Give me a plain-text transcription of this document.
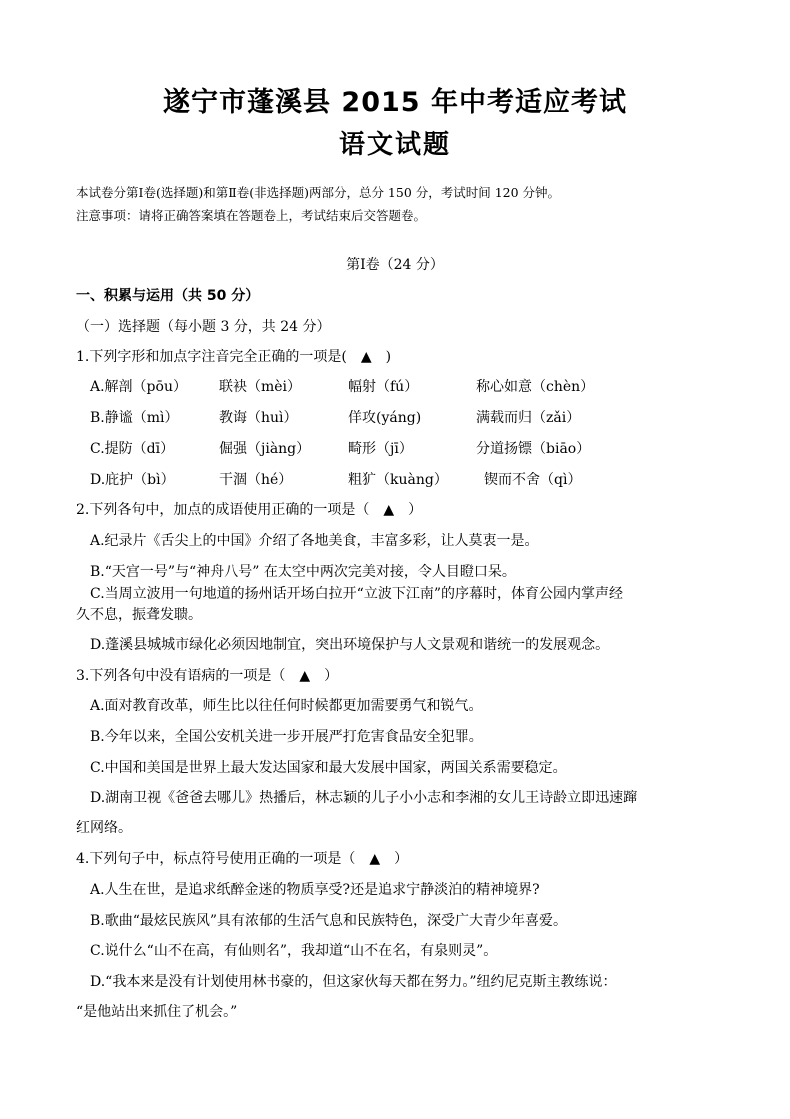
遂宁市蓬溪县 2015 年中考适应考试
语文试题
本试卷分第Ⅰ卷(选择题)和第Ⅱ卷(非选择题)两部分，总分 150 分，考试时间 120 分钟。
注意事项：请将正确答案填在答题卷上，考试结束后交答题卷。
第Ⅰ卷（24 分）
一、积累与运用（共 50 分）
（一）选择题（每小题 3 分，共 24 分）
1.下列字形和加点字注音完全正确的一项是(　▲　)
A.解剖（pōu） 联袂（mèi）	幅射（fú）	称心如意（chèn）
B.静谧（mì）	教诲（huì）	佯攻(yáng)	满载而归（zǎi）
C.提防（dī）	倔强（jiàng）	畸形（jī）	分道扬镖（biāo）
D.庇护（bì）	干涸（hé）	粗犷（kuàng）	锲而不舍（qì）
2.下列各句中，加点的成语使用正确的一项是（　▲　）
A.纪录片《舌尖上的中国》介绍了各地美食，丰富多彩，让人莫衷一是。
B.“天宫一号”与“神舟八号” 在太空中两次完美对接，令人目瞪口呆。
C.当周立波用一句地道的扬州话开场白拉开“立波下江南”的序幕时，体育公园内掌声经
久不息，振聋发聩。
D.蓬溪县城城市绿化必须因地制宜，突出环境保护与人文景观和谐统一的发展观念。
3.下列各句中没有语病的一项是（　▲　）
A.面对教育改革，师生比以往任何时候都更加需要勇气和锐气。
B.今年以来，全国公安机关进一步开展严打危害食品安全犯罪。
C.中国和美国是世界上最大发达国家和最大发展中国家，两国关系需要稳定。
D.湖南卫视《爸爸去哪儿》热播后，林志颖的儿子小小志和李湘的女儿王诗龄立即迅速蹿
红网络。
4.下列句子中，标点符号使用正确的一项是（　▲　）
A.人生在世，是追求纸醉金迷的物质享受?还是追求宁静淡泊的精神境界?
B.歌曲“最炫民族风”具有浓郁的生活气息和民族特色，深受广大青少年喜爱。
C.说什么“山不在高，有仙则名”，我却道“山不在名，有泉则灵”。
D.“我本来是没有计划使用林书豪的，但这家伙每天都在努力。”纽约尼克斯主教练说：
“是他站出来抓住了机会。”
